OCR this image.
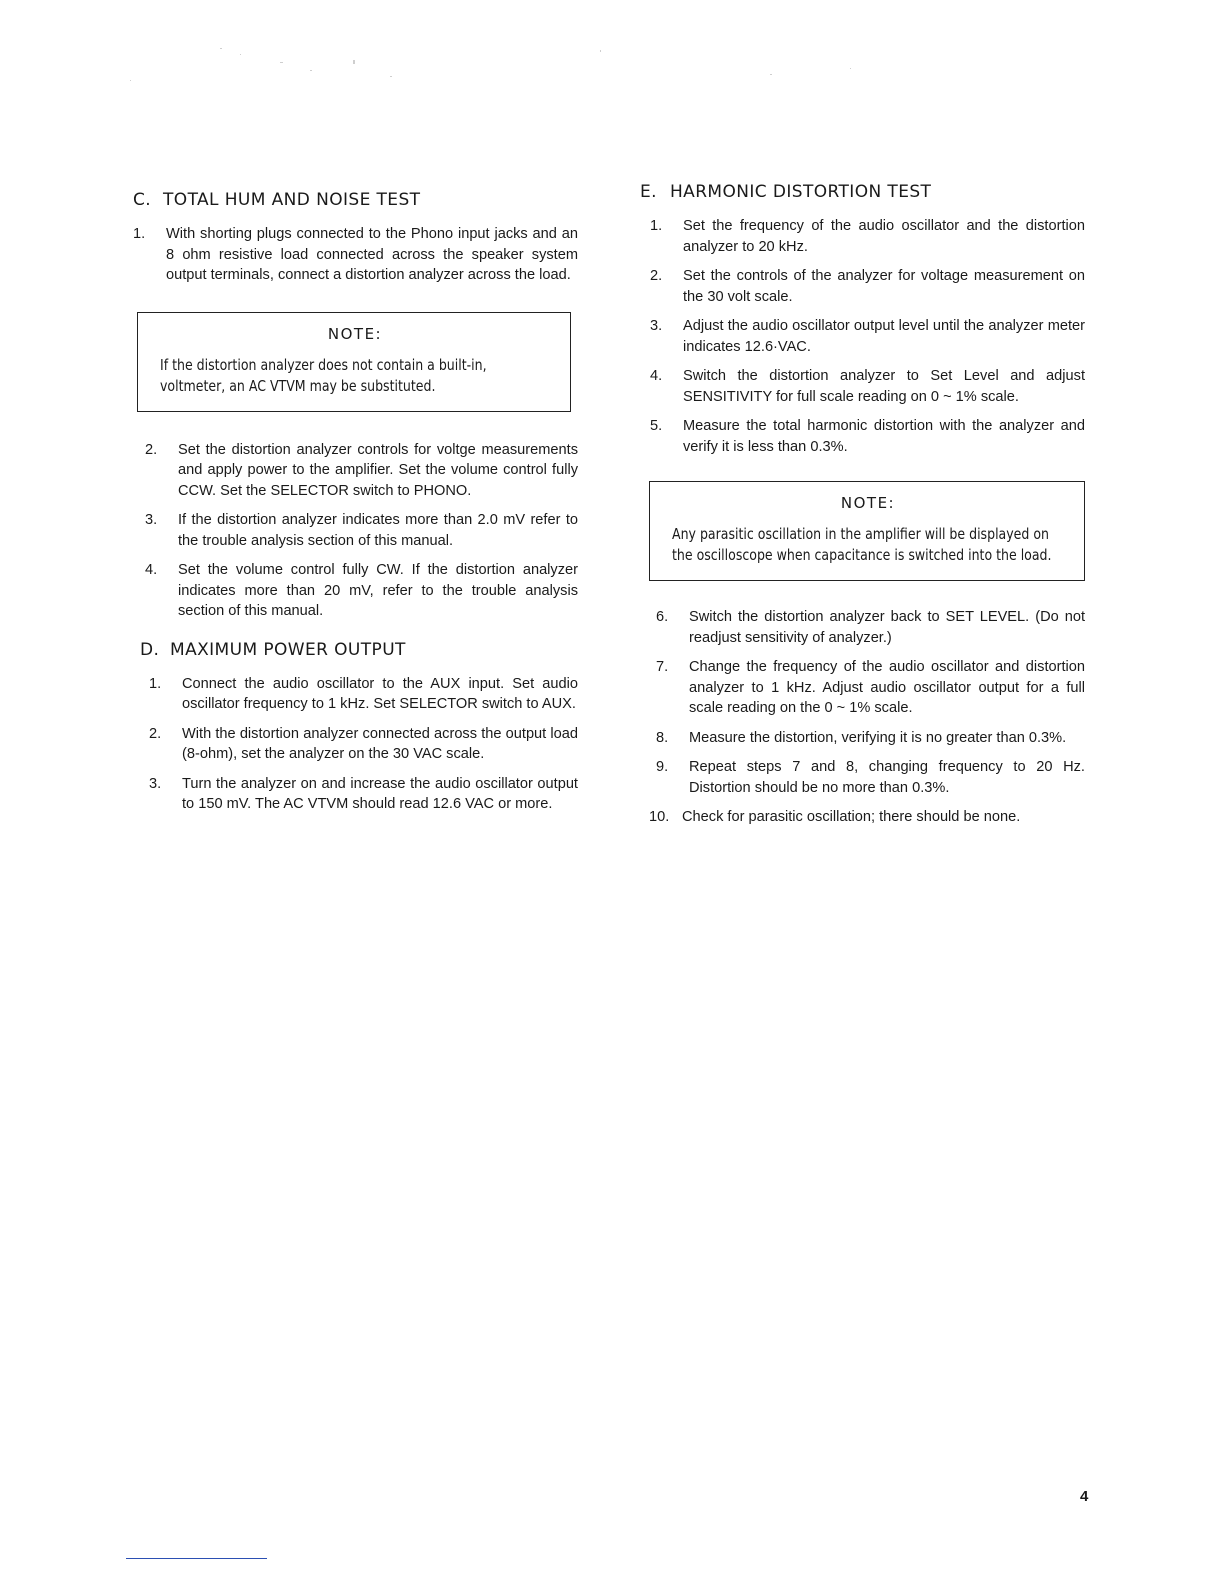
C. TOTAL HUM AND NOISE TEST
1.	With shorting plugs connected to the Phono input jacks and an 8 ohm resistive load connected across the speaker system output terminals, connect a distortion analyzer across the load.
NOTE:
If the distortion analyzer does not contain a built-in, voltmeter, an AC VTVM may be substituted.
2.	Set the distortion analyzer controls for voltge measurements and apply power to the amplifier. Set the volume control fully CCW. Set the SELECTOR switch to PHONO.
3.	If the distortion analyzer indicates more than 2.0 mV refer to the trouble analysis section of this manual.
4.	Set the volume control fully CW. If the distortion analyzer indicates more than 20 mV, refer to the trouble analysis section of this manual.
D. MAXIMUM POWER OUTPUT
1.	Connect the audio oscillator to the AUX input. Set audio oscillator frequency to 1 kHz. Set SELECTOR switch to AUX.
2.	With the distortion analyzer connected across the output load (8-ohm), set the analyzer on the 30 VAC scale.
3.	Turn the analyzer on and increase the audio oscillator output to 150 mV. The AC VTVM should read 12.6 VAC or more.
E. HARMONIC DISTORTION TEST
1.	Set the frequency of the audio oscillator and the distortion analyzer to 20 kHz.
2.	Set the controls of the analyzer for voltage measurement on the 30 volt scale.
3.	Adjust the audio oscillator output level until the analyzer meter indicates 12.6·VAC.
4.	Switch the distortion analyzer to Set Level and adjust SENSITIVITY for full scale reading on 0 ~ 1% scale.
5.	Measure the total harmonic distortion with the analyzer and verify it is less than 0.3%.
NOTE:
Any parasitic oscillation in the amplifier will be displayed on the oscilloscope when capacitance is switched into the load.
6.	Switch the distortion analyzer back to SET LEVEL. (Do not readjust sensitivity of analyzer.)
7.	Change the frequency of the audio oscillator and distortion analyzer to 1 kHz. Adjust audio oscillator output for a full scale reading on the 0 ~ 1% scale.
8.	Measure the distortion, verifying it is no greater than 0.3%.
9.	Repeat steps 7 and 8, changing frequency to 20 Hz. Distortion should be no more than 0.3%.
10. Check for parasitic oscillation; there should be none.
4
